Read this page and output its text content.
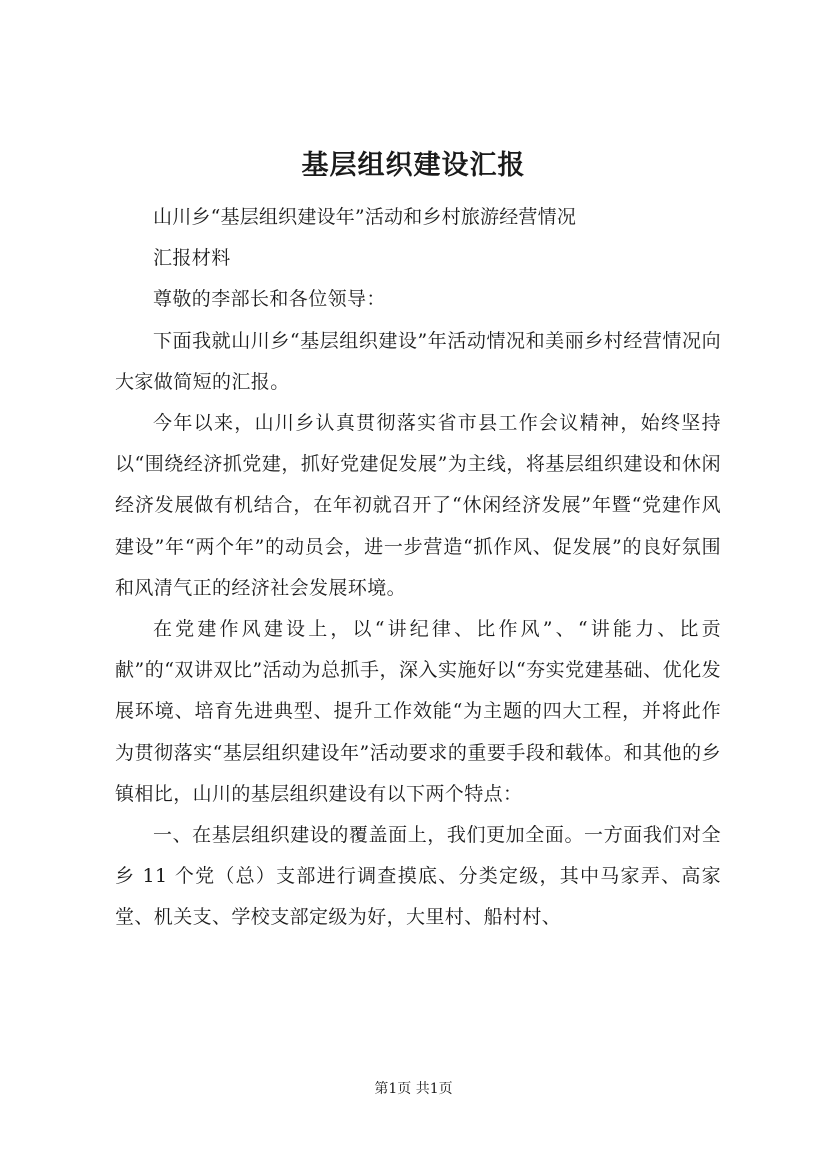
基层组织建设汇报

山川乡“基层组织建设年”活动和乡村旅游经营情况

汇报材料

尊敬的李部长和各位领导：

下面我就山川乡“基层组织建设”年活动情况和美丽乡村经营情况向大家做简短的汇报。

今年以来，山川乡认真贯彻落实省市县工作会议精神，始终坚持以“围绕经济抓党建，抓好党建促发展”为主线，将基层组织建设和休闲经济发展做有机结合，在年初就召开了“休闲经济发展”年暨“党建作风建设”年“两个年”的动员会，进一步营造“抓作风、促发展”的良好氛围和风清气正的经济社会发展环境。

在党建作风建设上，以“讲纪律、比作风”、“讲能力、比贡献”的“双讲双比”活动为总抓手，深入实施好以“夯实党建基础、优化发展环境、培育先进典型、提升工作效能“为主题的四大工程，并将此作为贯彻落实“基层组织建设年”活动要求的重要手段和载体。和其他的乡镇相比，山川的基层组织建设有以下两个特点：

一、在基层组织建设的覆盖面上，我们更加全面。一方面我们对全乡 11 个党（总）支部进行调查摸底、分类定级，其中马家弄、高家堂、机关支、学校支部定级为好，大里村、船村村、

第1页 共1页
